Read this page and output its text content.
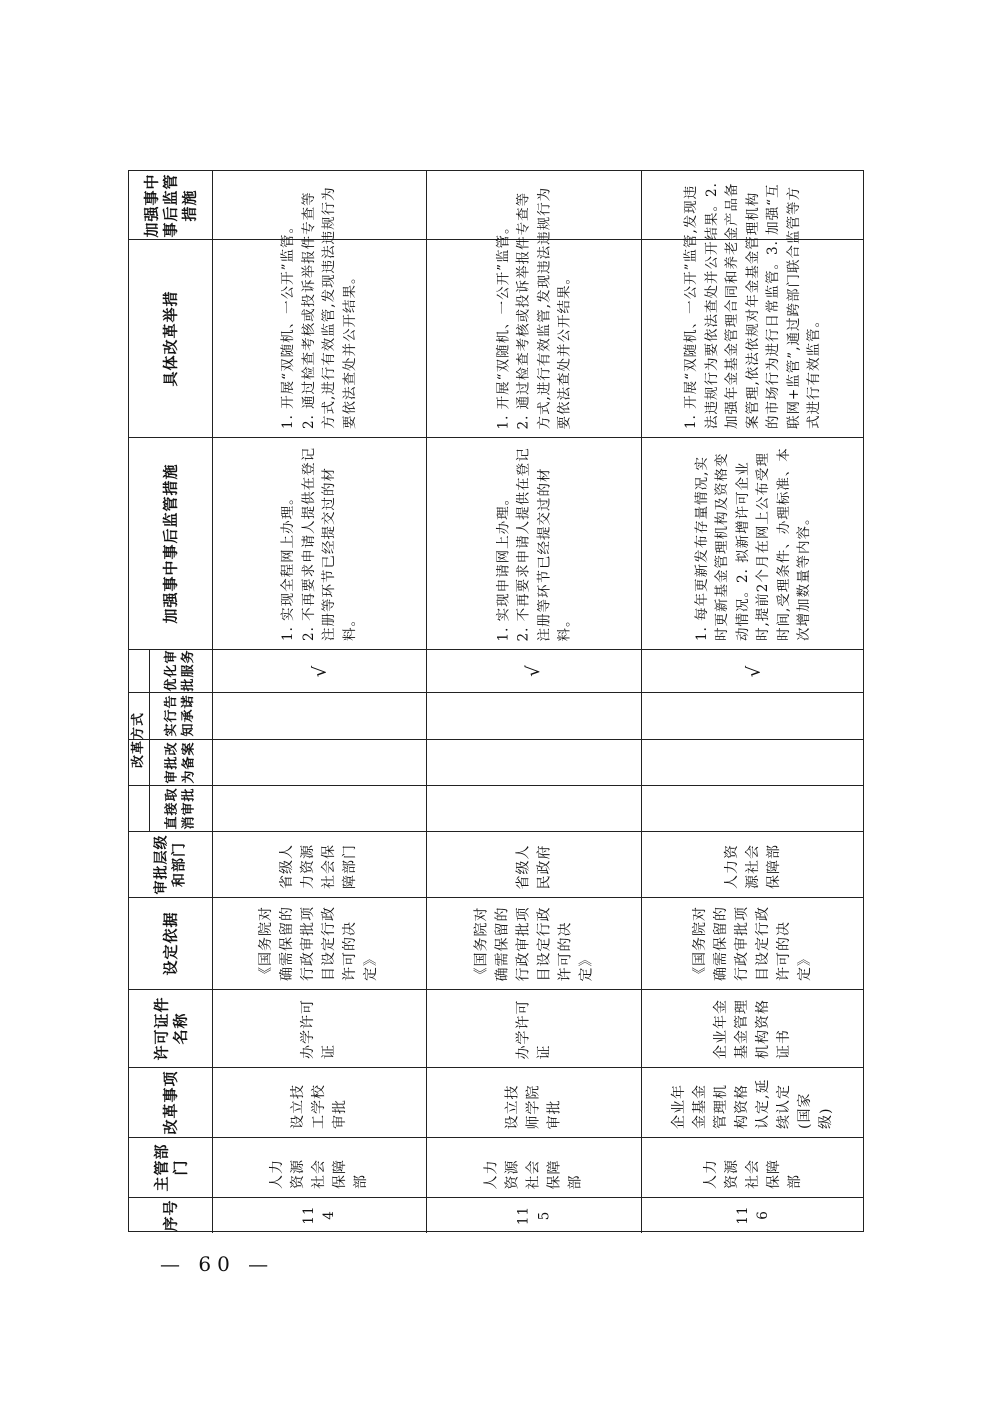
加强事中事后监管措施
具体改革举措
加强事中事后监管措施
改革方式
优化审批服务
实行告知承诺
审批改为备案
直接取消审批
审批层级和部门
设定依据
许可证件名称
改革事项
主管部门
序号
1. 开展“双随机、一公开”监管。
2. 通过检查考核或投诉举报件专查等方式,进行有效监管,发现违法违规行为要依法查处并公开结果。
1. 实现全程网上办理。
2. 不再要求申请人提供在登记注册等环节已经提交过的材料。
√
省级人力资源社会保障部门
《国务院对确需保留的行政审批项目设定行政许可的决定》
办学许可证
设立技工学校审批
人力资源社会保障部
114
1. 开展“双随机、一公开”监管。
2. 通过检查考核或投诉举报件专查等方式,进行有效监管,发现违法违规行为要依法查处并公开结果。
1. 实现申请网上办理。
2. 不再要求申请人提供在登记注册等环节已经提交过的材料。
√
省级人民政府
《国务院对确需保留的行政审批项目设定行政许可的决定》
办学许可证
设立技师学院审批
人力资源社会保障部
115
1. 开展“双随机、一公开”监管,发现违法违规行为要依法查处并公开结果。2. 加强年金基金管理合同和养老金产品备案管理,依法依规对年金基金管理机构的市场行为进行日常监管。3. 加强“互联网+监管”,通过跨部门联合监管等方式进行有效监管。
1. 每年更新发布存量情况,实时更新基金管理机构及资格变动情况。2. 拟新增许可企业时,提前2个月在网上公布受理时间,受理条件、办理标准、本次增加数量等内容。
√
人力资源社会保障部
《国务院对确需保留的行政审批项目设定行政许可的决定》
企业年金基金管理机构资格证书
企业年金基金管理机构资格认定,延续认定(国家级)
人力资源社会保障部
116
— 60 —
